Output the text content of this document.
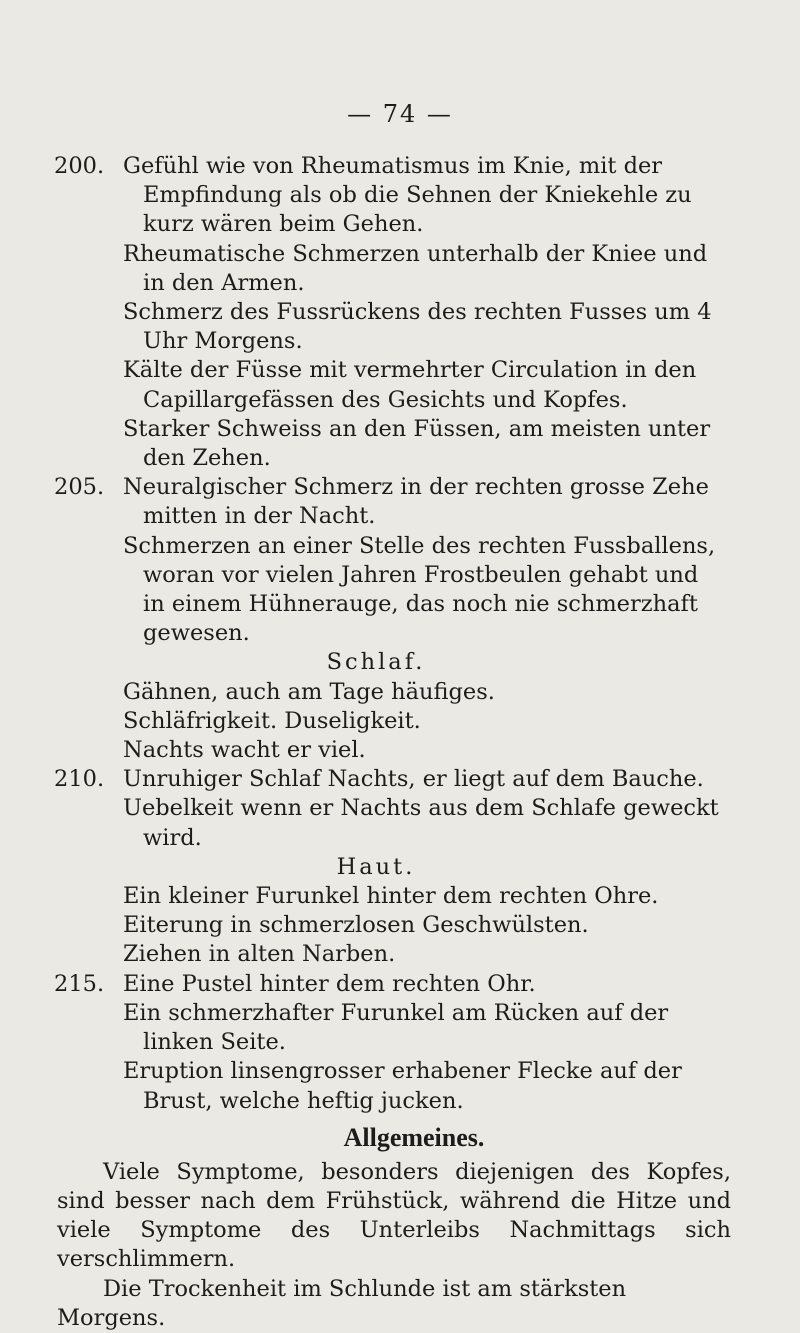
— 74 —
200. Gefühl wie von Rheumatismus im Knie, mit der Empfindung als ob die Sehnen der Kniekehle zu kurz wären beim Gehen.
Rheumatische Schmerzen unterhalb der Kniee und in den Armen.
Schmerz des Fussrückens des rechten Fusses um 4 Uhr Morgens.
Kälte der Füsse mit vermehrter Circulation in den Capillargefässen des Gesichts und Kopfes.
Starker Schweiss an den Füssen, am meisten unter den Zehen.
205. Neuralgischer Schmerz in der rechten grosse Zehe mitten in der Nacht.
Schmerzen an einer Stelle des rechten Fussballens, woran vor vielen Jahren Frostbeulen gehabt und in einem Hühnerauge, das noch nie schmerzhaft gewesen.
Schlaf.
Gähnen, auch am Tage häufiges.
Schläfrigkeit. Duseligkeit.
Nachts wacht er viel.
210. Unruhiger Schlaf Nachts, er liegt auf dem Bauche.
Uebelkeit wenn er Nachts aus dem Schlafe geweckt wird.
Haut.
Ein kleiner Furunkel hinter dem rechten Ohre.
Eiterung in schmerzlosen Geschwülsten.
Ziehen in alten Narben.
215. Eine Pustel hinter dem rechten Ohr.
Ein schmerzhafter Furunkel am Rücken auf der linken Seite.
Eruption linsengrosser erhabener Flecke auf der Brust, welche heftig jucken.
Allgemeines.
Viele Symptome, besonders diejenigen des Kopfes, sind besser nach dem Frühstück, während die Hitze und viele Symptome des Unterleibs Nachmittags sich verschlimmern.
Die Trockenheit im Schlunde ist am stärksten Morgens.
